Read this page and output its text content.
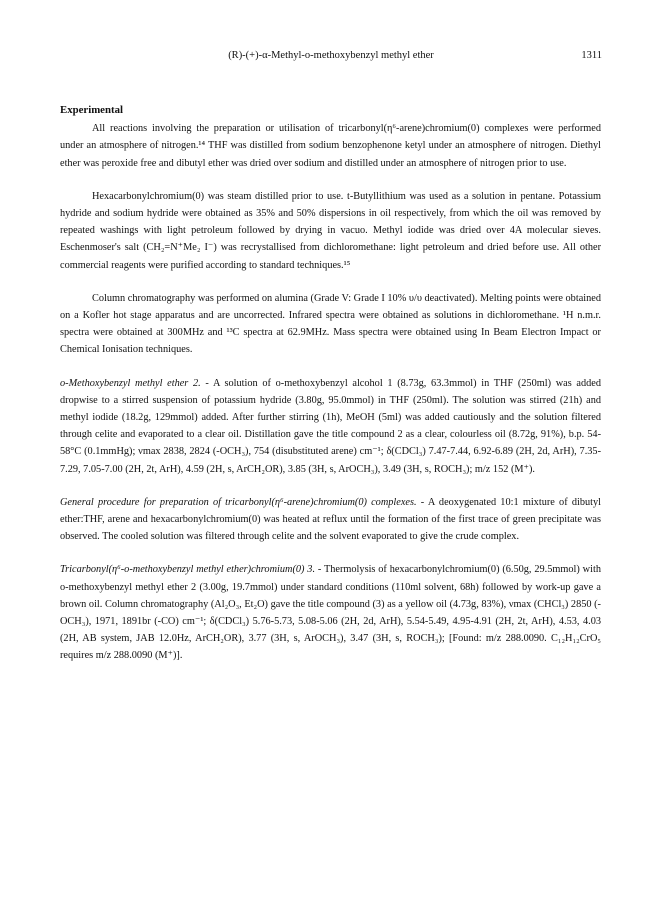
(R)-(+)-α-Methyl-o-methoxybenzyl methyl ether	1311
Experimental

All reactions involving the preparation or utilisation of tricarbonyl(η⁶-arene)chromium(0) complexes were performed under an atmosphere of nitrogen.¹⁴ THF was distilled from sodium benzophenone ketyl under an atmosphere of nitrogen. Diethyl ether was peroxide free and dibutyl ether was dried over sodium and distilled under an atmosphere of nitrogen prior to use.

Hexacarbonylchromium(0) was steam distilled prior to use. t-Butyllithium was used as a solution in pentane. Potassium hydride and sodium hydride were obtained as 35% and 50% dispersions in oil respectively, from which the oil was removed by repeated washings with light petroleum followed by drying in vacuo. Methyl iodide was dried over 4A molecular sieves. Eschenmoser's salt (CH₂=N⁺Me₂ I⁻) was recrystallised from dichloromethane: light petroleum and dried before use. All other commercial reagents were purified according to standard techniques.¹⁵

Column chromatography was performed on alumina (Grade V: Grade I 10% υ/υ deactivated). Melting points were obtained on a Kofler hot stage apparatus and are uncorrected. Infrared spectra were obtained as solutions in dichloromethane. ¹H n.m.r. spectra were obtained at 300MHz and ¹³C spectra at 62.9MHz. Mass spectra were obtained using In Beam Electron Impact or Chemical Ionisation techniques.

o-Methoxybenzyl methyl ether 2. - A solution of o-methoxybenzyl alcohol 1 (8.73g, 63.3mmol) in THF (250ml) was added dropwise to a stirred suspension of potassium hydride (3.80g, 95.0mmol) in THF (250ml). The solution was stirred (21h) and methyl iodide (18.2g, 129mmol) added. After further stirring (1h), MeOH (5ml) was added cautiously and the solution filtered through celite and evaporated to a clear oil. Distillation gave the title compound 2 as a clear, colourless oil (8.72g, 91%), b.p. 54-58°C (0.1mmHg); νmax 2838, 2824 (-OCH₃), 754 (disubstituted arene) cm⁻¹; δ(CDCl₃) 7.47-7.44, 6.92-6.89 (2H, 2d, ArH), 7.35-7.29, 7.05-7.00 (2H, 2t, ArH), 4.59 (2H, s, ArCH₂OR), 3.85 (3H, s, ArOCH₃), 3.49 (3H, s, ROCH₃); m/z 152 (M⁺).

General procedure for preparation of tricarbonyl(η⁶-arene)chromium(0) complexes. - A deoxygenated 10:1 mixture of dibutyl ether:THF, arene and hexacarbonylchromium(0) was heated at reflux until the formation of the first trace of green precipitate was observed. The cooled solution was filtered through celite and the solvent evaporated to give the crude complex.

Tricarbonyl(η⁶-o-methoxybenzyl methyl ether)chromium(0) 3. - Thermolysis of hexacarbonylchromium(0) (6.50g, 29.5mmol) with o-methoxybenzyl methyl ether 2 (3.00g, 19.7mmol) under standard conditions (110ml solvent, 68h) followed by work-up gave a brown oil. Column chromatography (Al₂O₃, Et₂O) gave the title compound (3) as a yellow oil (4.73g, 83%), νmax (CHCl₃) 2850 (-OCH₃), 1971, 1891br (-CO) cm⁻¹; δ(CDCl₃) 5.76-5.73, 5.08-5.06 (2H, 2d, ArH), 5.54-5.49, 4.95-4.91 (2H, 2t, ArH), 4.53, 4.03 (2H, AB system, JAB 12.0Hz, ArCH₂OR), 3.77 (3H, s, ArOCH₃), 3.47 (3H, s, ROCH₃); [Found: m/z 288.0090. C₁₂H₁₂CrO₅ requires m/z 288.0090 (M⁺)].
